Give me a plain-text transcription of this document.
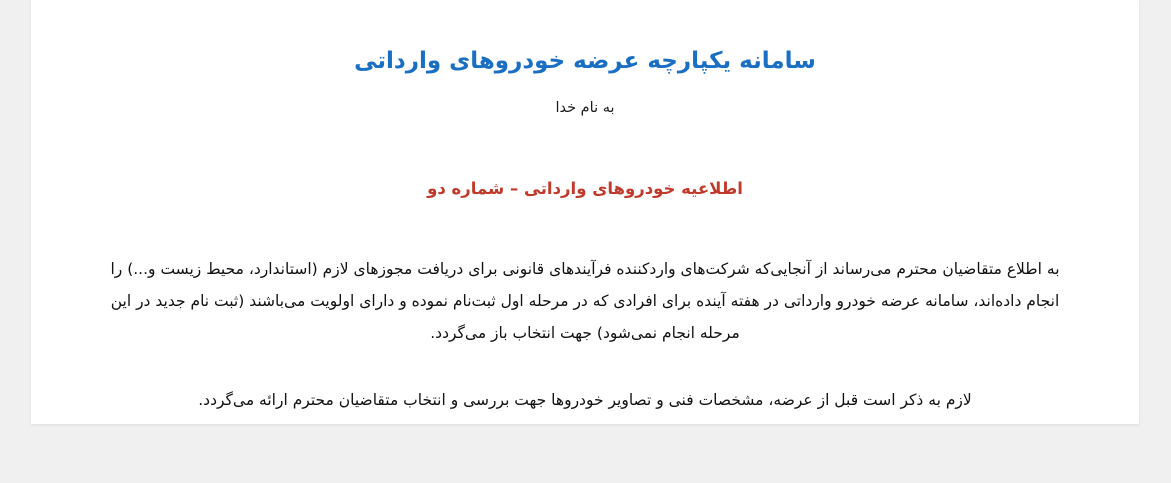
سامانه یکپارچه عرضه خودروهای وارداتی

به نام خدا

اطلاعیه خودروهای وارداتی – شماره دو

به اطلاع متقاضیان محترم می‌رساند از آنجایی‌که شرکت‌های واردکننده فرآیندهای قانونی برای دریافت مجوزهای لازم (استاندارد، محیط زیست و...) را انجام داده‌اند، سامانه عرضه خودرو وارداتی در هفته آینده برای افرادی که در مرحله اول ثبت‌نام نموده و دارای اولویت می‌باشند (ثبت نام جدید در این مرحله انجام نمی‌شود) جهت انتخاب باز می‌گردد.

لازم به ذکر است قبل از عرضه، مشخصات فنی و تصاویر خودروها جهت بررسی و انتخاب متقاضیان محترم ارائه می‌گردد.
